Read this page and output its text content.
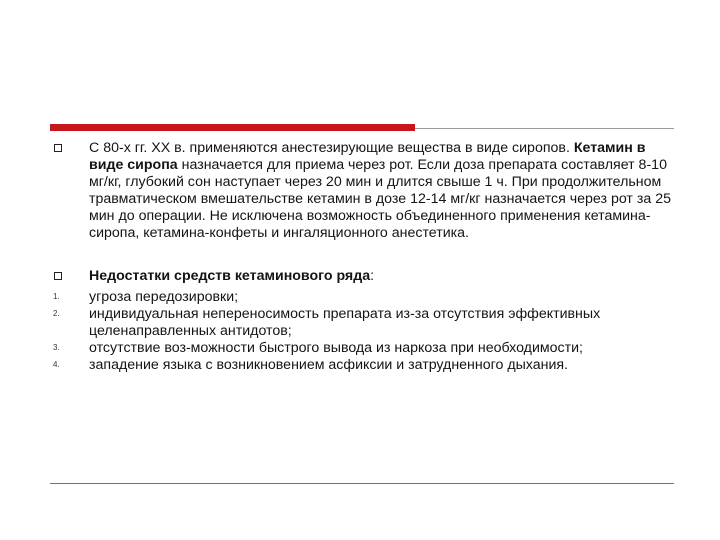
С 80-х гг. XX в. применяются анестезирующие вещества в виде сиропов. Кетамин в виде сиропа назначается для приема через рот. Если доза препарата составляет 8-10 мг/кг, глубокий сон наступает через 20 мин и длится свыше 1 ч. При продолжительном травматическом вмешательстве кетамин в дозе 12-14 мг/кг назначается через рот за 25 мин до операции. Не исключена возможность объединенного применения кетамина-сиропа, кетамина-конфеты и ингаляционного анестетика.

Недостатки средств кетаминового ряда:

1. угроза передозировки;
2. индивидуальная непереносимость препарата из-за отсутствия эффективных целенаправленных антидотов;
3. отсутствие воз-можности быстрого вывода из наркоза при необходимости;
4. западение языка с возникновением асфиксии и затрудненного дыхания.
